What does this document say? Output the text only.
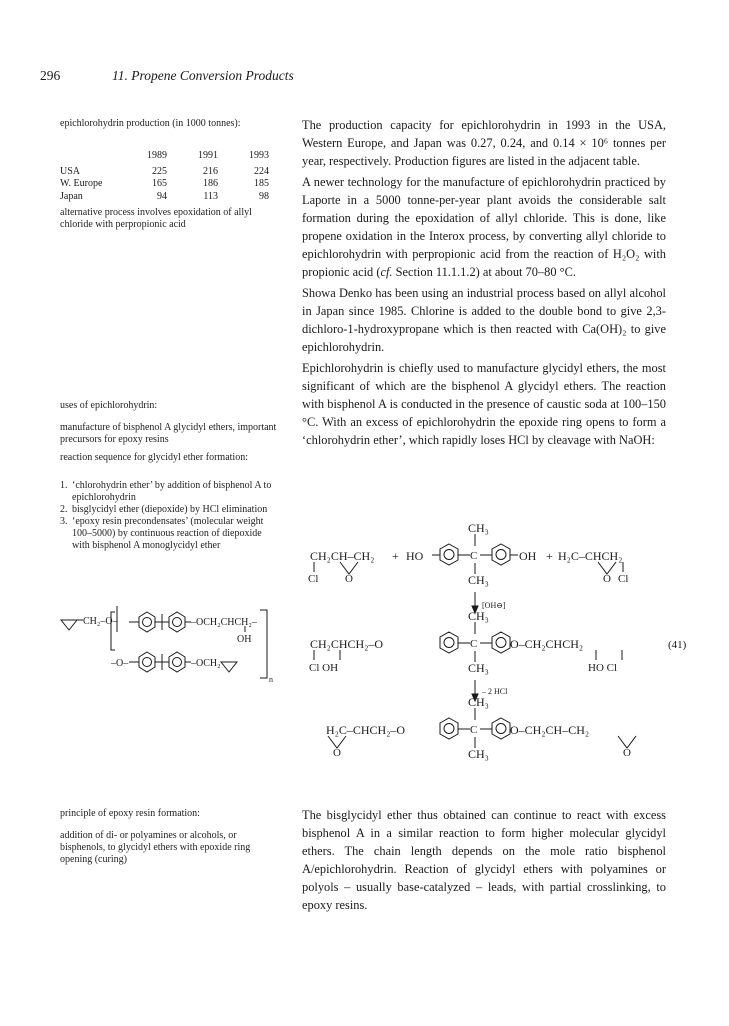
296	11. Propene Conversion Products
epichlorohydrin production (in 1000 tonnes):
	1989	1991	1993

USA	225	216	224
W. Europe	165	186	185
Japan	94	113	98
alternative process involves epoxidation of allyl chloride with perpropionic acid
uses of epichlorohydrin:
manufacture of bisphenol A glycidyl ethers, important precursors for epoxy resins
reaction sequence for glycidyl ether formation:
1. ‘chlorohydrin ether’ by addition of bisphenol A to epichlorohydrin
2. bisglycidyl ether (diepoxide) by HCl elimination
3. ‘epoxy resin precondensates’ (molecular weight 100–5000) by continuous reaction of diepoxide with bisphenol A monoglycidyl ether
CH₂–O–	–OCH₂CHCH₂–
OH
n
–O–	–OCH₂
principle of epoxy resin formation:
addition of di- or polyamines or alcohols, or bisphenols, to glycidyl ethers with epoxide ring opening (curing)

The production capacity for epichlorohydrin in 1993 in the USA, Western Europe, and Japan was 0.27, 0.24, and 0.14 × 10⁶ tonnes per year, respectively. Production figures are listed in the adjacent table.

A newer technology for the manufacture of epichlorohydrin practiced by Laporte in a 5000 tonne-per-year plant avoids the considerable salt formation during the epoxidation of allyl chloride. This is done, like propene oxidation in the Interox process, by converting allyl chloride to epichlorohydrin with perpropionic acid from the reaction of H₂O₂ with propionic acid (cf. Section 11.1.1.2) at about 70–80 °C.

Showa Denko has been using an industrial process based on allyl alcohol in Japan since 1985. Chlorine is added to the double bond to give 2,3-dichloro-1-hydroxypropane which is then reacted with Ca(OH)₂ to give epichlorohydrin.

Epichlorohydrin is chiefly used to manufacture glycidyl ethers, the most significant of which are the bisphenol A glycidyl ethers. The reaction with bisphenol A is conducted in the presence of caustic soda at 100–150 °C. With an excess of epichlorohydrin the epoxide ring opens to form a ‘chlorohydrin ether’, which rapidly loses HCl by cleavage with NaOH:

CH₃
CH₂CH–CH₂ + HO	C	OH + H₂C–CHCH₂
O
Cl	CH₃	O Cl
[OH⊖]
CH₃
CH₂CHCH₂–O	C	O–CH₂CHCH₂	(41)
Cl OH	CH₃	HO Cl
– 2 HCl
CH₃
H₂C–CHCH₂–O	C	O–CH₂CH–CH₂
O	CH₃	O

The bisglycidyl ether thus obtained can continue to react with excess bisphenol A in a similar reaction to form higher molecular glycidyl ethers. The chain length depends on the mole ratio bisphenol A/epichlorohydrin. Reaction of glycidyl ethers with polyamines or polyols – usually base-catalyzed – leads, with partial crosslinking, to epoxy resins.
